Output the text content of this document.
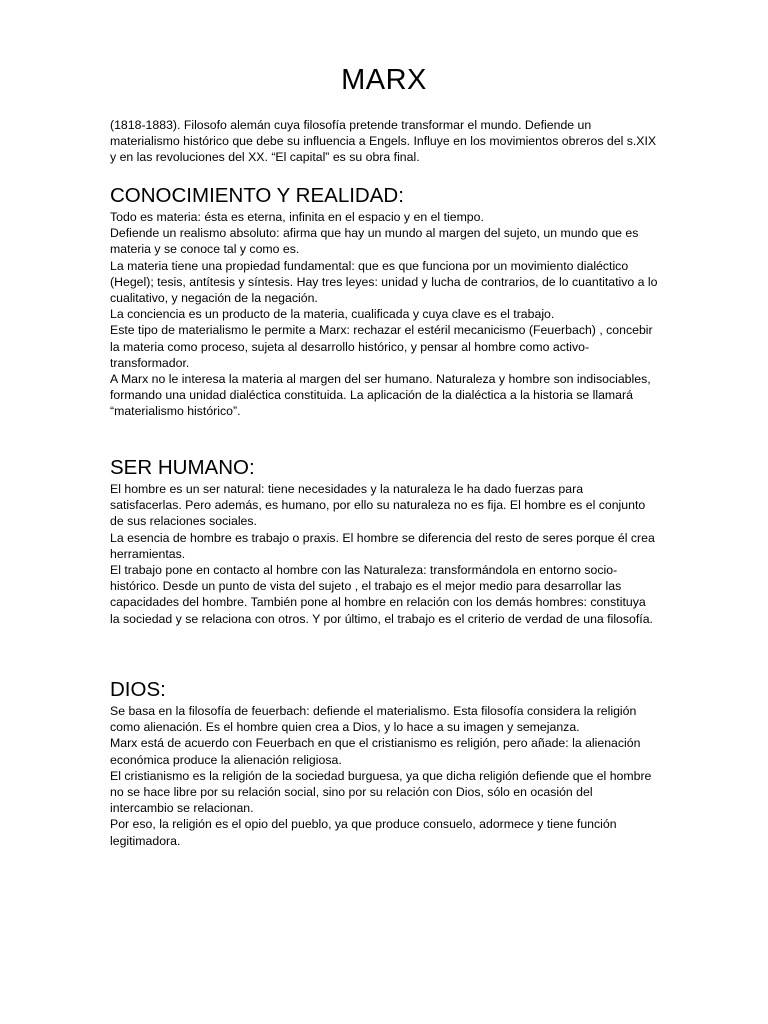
MARX

(1818-1883). Filosofo alemán cuya filosofía pretende transformar el mundo. Defiende un materialismo histórico que debe su influencia a Engels. Influye en los movimientos obreros del s.XIX y en las revoluciones del XX. “El capital” es su obra final.

CONOCIMIENTO Y REALIDAD:

Todo es materia: ésta es eterna, infinita en el espacio y en el tiempo.

Defiende un realismo absoluto: afirma que hay un mundo al margen del sujeto, un mundo que es materia y se conoce tal y como es.

La materia tiene una propiedad fundamental: que es que funciona por un movimiento dialéctico (Hegel); tesis, antítesis y síntesis. Hay tres leyes: unidad y lucha de contrarios, de lo cuantitativo a lo cualitativo, y negación de la negación.

La conciencia es un producto de la materia, cualificada y cuya clave es el trabajo.

Este tipo de materialismo le permite a Marx: rechazar el estéril mecanicismo (Feuerbach) , concebir la materia como proceso, sujeta al desarrollo histórico, y pensar al hombre como activo-transformador.

A Marx no le interesa la materia al margen del ser humano. Naturaleza y hombre son indisociables, formando una unidad dialéctica constituida. La aplicación de la dialéctica a la historia se llamará “materialismo histórico”.

SER HUMANO:

El hombre es un ser natural: tiene necesidades y la naturaleza le ha dado fuerzas para satisfacerlas. Pero además, es humano, por ello su naturaleza no es fija. El hombre es el conjunto de sus relaciones sociales.

La esencia de hombre es trabajo o praxis. El hombre se diferencia del resto de seres porque él crea herramientas.

El trabajo pone en contacto al hombre con las Naturaleza: transformándola en entorno socio-histórico. Desde un punto de vista del sujeto , el trabajo es el mejor medio para desarrollar las capacidades del hombre. También pone al hombre en relación con los demás hombres: constituya la sociedad y se relaciona con otros. Y por último, el trabajo es el criterio de verdad de una filosofía.

DIOS:

Se basa en la filosofía de feuerbach: defiende el materialismo. Esta filosofía considera la religión como alienación. Es el hombre quien crea a Dios, y lo hace a su imagen y semejanza.

Marx está de acuerdo con Feuerbach en que el cristianismo es religión, pero añade: la alienación económica produce la alienación religiosa.

El cristianismo es la religión de la sociedad burguesa, ya que dicha religión defiende que el hombre no se hace libre por su relación social, sino por su relación con Dios, sólo en ocasión del intercambio se relacionan.

Por eso, la religión es el opio del pueblo, ya que produce consuelo, adormece y tiene función legitimadora.
